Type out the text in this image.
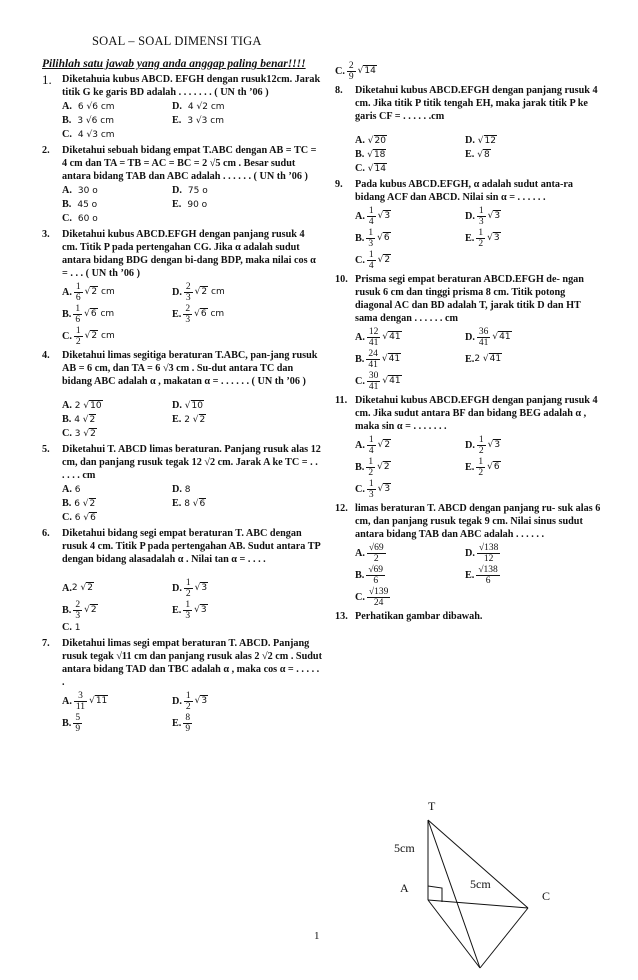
SOAL – SOAL DIMENSI TIGA
Pilihlah satu jawab yang anda anggap paling benar!!!!
1. Diketahuia kubus ABCD. EFGH dengan rusuk12cm. Jarak titik G ke garis BD adalah . . . . . . . ( UN th ’06 )
A. 6 √6 cm	D. 4 √2 cm
B. 3 √6 cm	E. 3 √3 cm
C. 4 √3 cm
2. Diketahui sebuah bidang empat T.ABC dengan AB = TC = 4 cm dan TA = TB = AC = BC = 2 √5 cm . Besar sudut antara bidang TAB dan ABC adalah . . . . . . ( UN th ’06 )
A. 30 o	D. 75 o
B. 45 o	E. 90 o
C. 60 o
3. Diketahui kubus ABCD.EFGH dengan panjang rusuk 4 cm. Titik P pada pertengahan CG. Jika α adalah sudut antara bidang BDG dengan bi-dang BDP, maka nilai cos α = . . . ( UN th ’06 )
A. $\frac{1}{6} √2$ cm	D. $\frac{2}{3} √2$ cm
B. $\frac{1}{6} √6$ cm	E. $\frac{2}{3} √6$ cm
C. $\frac{1}{2} √2$ cm
4. Diketahui limas segitiga beraturan T.ABC, pan-jang rusuk AB = 6 cm, dan TA = 6 √3 cm . Su-dut antara TC dan bidang ABC adalah α , makatan α = . . . . . . ( UN th ’06 )
A. 2 √10	D. √10
B. 4 √2	E. 2 √2
C. 3 √2
5. Diketahui T. ABCD limas beraturan. Panjang rusuk alas 12 cm, dan panjang rusuk tegak 12 √2 cm. Jarak A ke TC = . . . . . . cm
A. 6	D. 8
B. 6 √2	E. 8 √6
C. 6 √6
6. Diketahui bidang segi empat beraturan T. ABC dengan rusuk 4 cm. Titik P pada pertengahan AB. Sudut antara TP dengan bidang alasadalah α . Nilai tan α = . . . .
A. 2 √2	D. $\frac{1}{2} √3$
B. $\frac{2}{3} √2$	E. $\frac{1}{3} √3$
C. 1
7. Diketahui limas segi empat beraturan T. ABCD. Panjang rusuk tegak √11 cm dan panjang rusuk alas 2 √2 cm . Sudut antara bidang TAD dan TBC adalah α , maka cos α = . . . . . .
A. $\frac{3}{11} √11$	D. $\frac{1}{2} √3$
B. $\frac{5}{9}$	E. $\frac{8}{9}$
C. $\frac{2}{9} √14$
8. Diketahui kubus ABCD.EFGH dengan panjang rusuk 4 cm. Jika titik P titik tengah EH, maka jarak titik P ke garis CF = . . . . . .cm
A. √20	D. √12
B. √18	E. √8
C. √14
9. Pada kubus ABCD.EFGH, α adalah sudut anta-ra bidang ACF dan ABCD. Nilai sin α = . . . . . .
A. $\frac{1}{4} √3$	D. $\frac{1}{3} √3$
B. $\frac{1}{3} √6$	E. $\frac{1}{2} √3$
C. $\frac{1}{4} √2$
10. Prisma segi empat beraturan ABCD.EFGH de- ngan rusuk 6 cm dan tinggi prisma 8 cm. Titik potong diagonal AC dan BD adalah T, jarak titik D dan HT sama dengan . . . . . . cm
A. $\frac{12}{41} √41$	D. $\frac{36}{41} √41$
B. $\frac{24}{41} √41$	E. 2 √41
C. $\frac{30}{41} √41$
11. Diketahui kubus ABCD.EFGH dengan panjang rusuk 4 cm. Jika sudut antara BF dan bidang BEG adalah α , maka sin α = . . . . . . .
A. $\frac{1}{4} √2$	D. $\frac{1}{2} √3$
B. $\frac{1}{2} √2$	E. $\frac{1}{2} √6$
C. $\frac{1}{3} √3$
12. limas beraturan T. ABCD dengan panjang ru- suk alas 6 cm, dan panjang rusuk tegak 9 cm. Nilai sinus sudut antara bidang TAB dan ABC adalah . . . . . .
A. $\frac{√69}{2}$	D. $\frac{√138}{12}$
B. $\frac{√69}{6}$	E. $\frac{√138}{6}$
C. $\frac{√139}{24}$
13. Perhatikan gambar dibawah.
T
A
C
5cm
5cm
1
